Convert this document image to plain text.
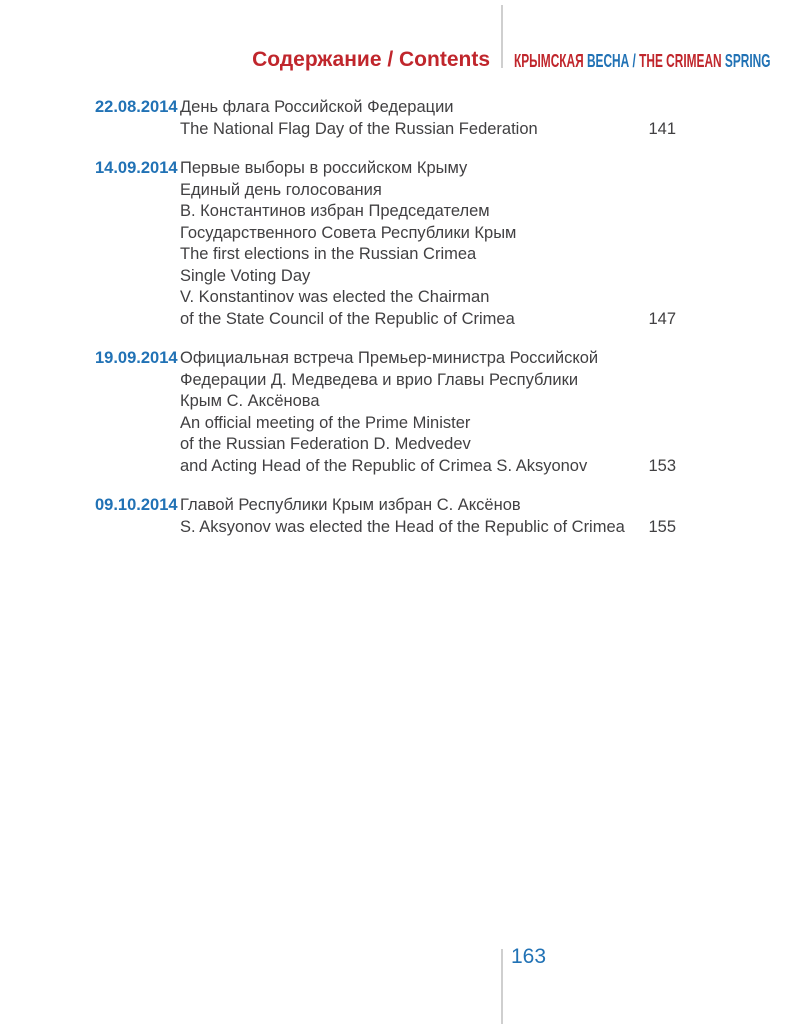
Содержание / Contents КРЫМСКАЯ ВЕСНА / THE CRIMEAN SPRING
22.08.2014 День флага Российской Федерации
The National Flag Day of the Russian Federation	141
14.09.2014 Первые выборы в российском Крыму
Единый день голосования
В. Константинов избран Председателем
Государственного Совета Республики Крым
The first elections in the Russian Crimea
Single Voting Day
V. Konstantinov was elected the Chairman
of the State Council of the Republic of Crimea	147
19.09.2014 Официальная встреча Премьер-министра Российской
Федерации Д. Медведева и врио Главы Республики
Крым С. Аксёнова
An official meeting of the Prime Minister
of the Russian Federation D. Medvedev
and Acting Head of the Republic of Crimea S. Aksyonov	153
09.10.2014 Главой Республики Крым избран С. Аксёнов
S. Aksyonov was elected the Head of the Republic of Crimea	155
163
